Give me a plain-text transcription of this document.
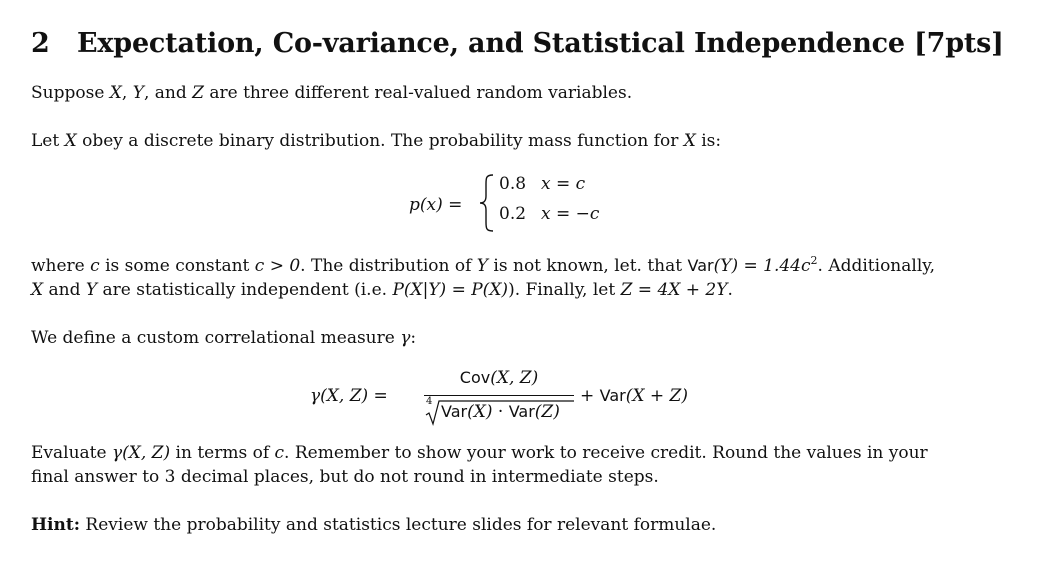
2 Expectation, Co-variance, and Statistical Independence [7pts]
Suppose X, Y, and Z are three different real-valued random variables.
Let X obey a discrete binary distribution. The probability mass function for X is:
p(x) =
0.8 x = c
0.2 x = −c
where c is some constant c > 0. The distribution of Y is not known, let. that $Var(Y) = 1.44c^2$. Additionally,
X and Y are statistically independent (i.e. P(X|Y) = P(X)). Finally, let Z = 4X + 2Y.
We define a custom correlational measure γ:
γ(X, Z) =
Cov(X, Z)
4
Var(X) · Var(Z)
+ Var(X + Z)
Evaluate γ(X, Z) in terms of c. Remember to show your work to receive credit. Round the values in your
final answer to 3 decimal places, but do not round in intermediate steps.
Hint: Review the probability and statistics lecture slides for relevant formulae.
